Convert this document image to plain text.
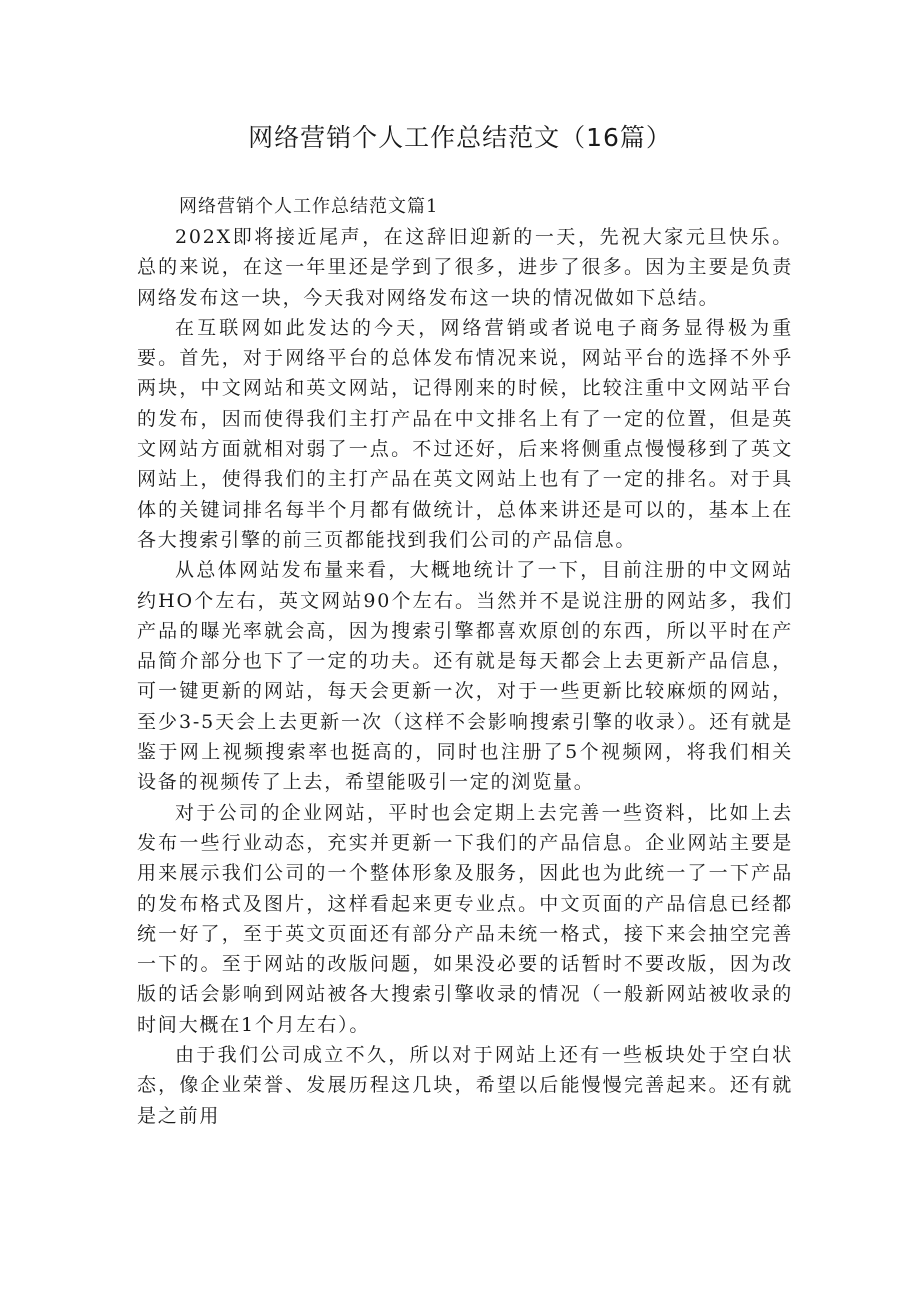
网络营销个人工作总结范文（16篇）

网络营销个人工作总结范文篇1

202X即将接近尾声，在这辞旧迎新的一天，先祝大家元旦快乐。总的来说，在这一年里还是学到了很多，进步了很多。因为主要是负责网络发布这一块，今天我对网络发布这一块的情况做如下总结。

在互联网如此发达的今天，网络营销或者说电子商务显得极为重要。首先，对于网络平台的总体发布情况来说，网站平台的选择不外乎两块，中文网站和英文网站，记得刚来的时候，比较注重中文网站平台的发布，因而使得我们主打产品在中文排名上有了一定的位置，但是英文网站方面就相对弱了一点。不过还好，后来将侧重点慢慢移到了英文网站上，使得我们的主打产品在英文网站上也有了一定的排名。对于具体的关键词排名每半个月都有做统计，总体来讲还是可以的，基本上在各大搜索引擎的前三页都能找到我们公司的产品信息。

从总体网站发布量来看，大概地统计了一下，目前注册的中文网站约HO个左右，英文网站90个左右。当然并不是说注册的网站多，我们产品的曝光率就会高，因为搜索引擎都喜欢原创的东西，所以平时在产品简介部分也下了一定的功夫。还有就是每天都会上去更新产品信息，可一键更新的网站，每天会更新一次，对于一些更新比较麻烦的网站，至少3-5天会上去更新一次（这样不会影响搜索引擎的收录）。还有就是鉴于网上视频搜索率也挺高的，同时也注册了5个视频网，将我们相关设备的视频传了上去，希望能吸引一定的浏览量。

对于公司的企业网站，平时也会定期上去完善一些资料，比如上去发布一些行业动态，充实并更新一下我们的产品信息。企业网站主要是用来展示我们公司的一个整体形象及服务，因此也为此统一了一下产品的发布格式及图片，这样看起来更专业点。中文页面的产品信息已经都统一好了，至于英文页面还有部分产品未统一格式，接下来会抽空完善一下的。至于网站的改版问题，如果没必要的话暂时不要改版，因为改版的话会影响到网站被各大搜索引擎收录的情况（一般新网站被收录的时间大概在1个月左右）。

由于我们公司成立不久，所以对于网站上还有一些板块处于空白状态，像企业荣誉、发展历程这几块，希望以后能慢慢完善起来。还有就是之前用
